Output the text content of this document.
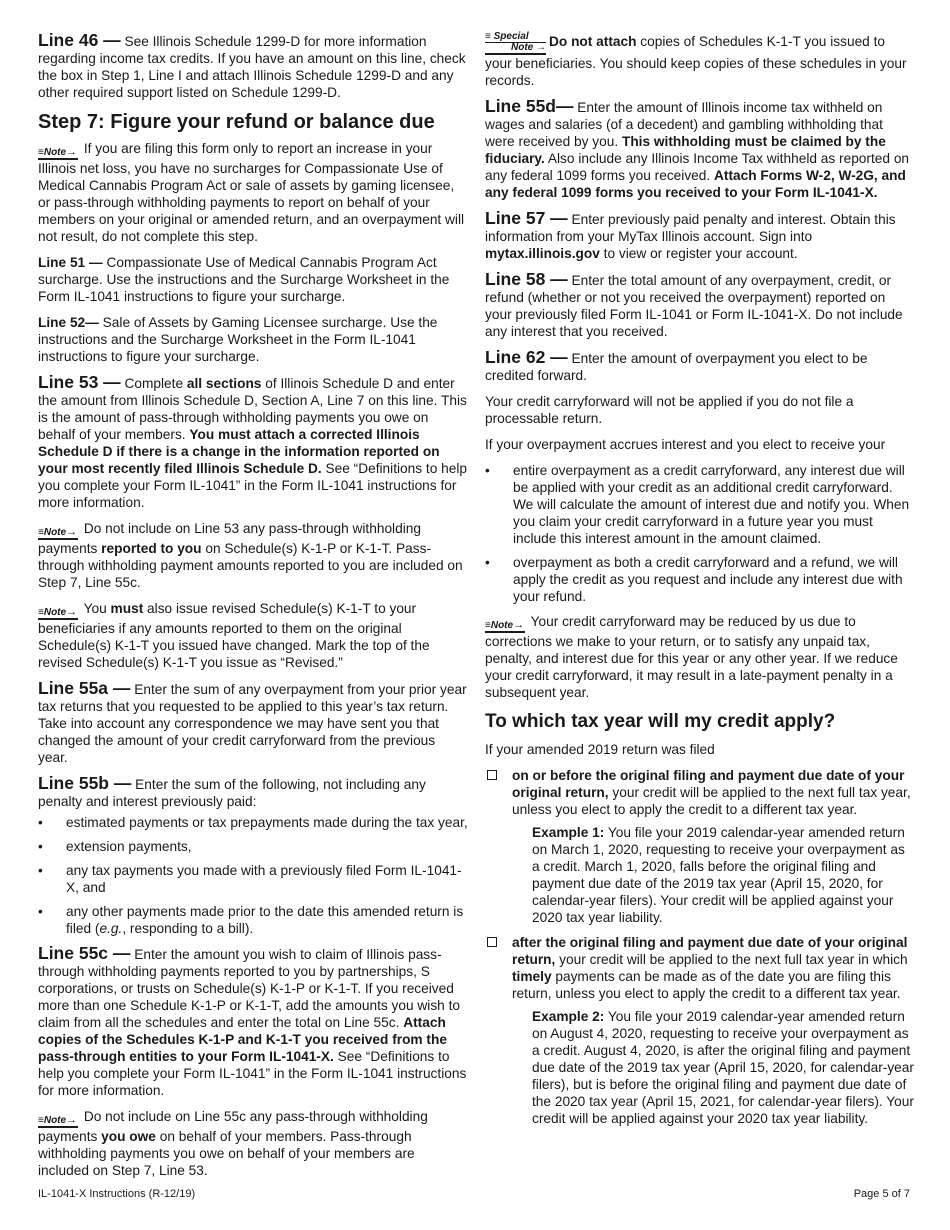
Line 46 — See Illinois Schedule 1299-D for more information regarding income tax credits. If you have an amount on this line, check the box in Step 1, Line I and attach Illinois Schedule 1299-D and any other required support listed on Schedule 1299-D.

Step 7: Figure your refund or balance due

≡Note→ If you are filing this form only to report an increase in your Illinois net loss, you have no surcharges for Compassionate Use of Medical Cannabis Program Act or sale of assets by gaming licensee, or pass-through withholding payments to report on behalf of your members on your original or amended return, and an overpayment will not result, do not complete this step.

Line 51 — Compassionate Use of Medical Cannabis Program Act surcharge. Use the instructions and the Surcharge Worksheet in the Form IL-1041 instructions to figure your surcharge.

Line 52— Sale of Assets by Gaming Licensee surcharge. Use the instructions and the Surcharge Worksheet in the Form IL-1041 instructions to figure your surcharge.

Line 53 — Complete all sections of Illinois Schedule D and enter the amount from Illinois Schedule D, Section A, Line 7 on this line. This is the amount of pass-through withholding payments you owe on behalf of your members. You must attach a corrected Illinois Schedule D if there is a change in the information reported on your most recently filed Illinois Schedule D. See “Definitions to help you complete your Form IL-1041” in the Form IL-1041 instructions for more information.

≡Note→ Do not include on Line 53 any pass-through withholding payments reported to you on Schedule(s) K-1-P or K-1-T. Pass-through withholding payment amounts reported to you are included on Step 7, Line 55c.

≡Note→ You must also issue revised Schedule(s) K-1-T to your beneficiaries if any amounts reported to them on the original Schedule(s) K-1-T you issued have changed. Mark the top of the revised Schedule(s) K-1-T you issue as “Revised.”

Line 55a — Enter the sum of any overpayment from your prior year tax returns that you requested to be applied to this year’s tax return. Take into account any correspondence we may have sent you that changed the amount of your credit carryforward from the previous year.

Line 55b — Enter the sum of the following, not including any penalty and interest previously paid:

• estimated payments or tax prepayments made during the tax year,
• extension payments,
• any tax payments you made with a previously filed Form IL-1041-X, and
• any other payments made prior to the date this amended return is filed (e.g., responding to a bill).

Line 55c — Enter the amount you wish to claim of Illinois pass-through withholding payments reported to you by partnerships, S corporations, or trusts on Schedule(s) K-1-P or K-1-T. If you received more than one Schedule K-1-P or K-1-T, add the amounts you wish to claim from all the schedules and enter the total on Line 55c. Attach copies of the Schedules K-1-P and K-1-T you received from the pass-through entities to your Form IL-1041-X. See “Definitions to help you complete your Form IL-1041” in the Form IL-1041 instructions for more information.

≡Note→ Do not include on Line 55c any pass-through withholding payments you owe on behalf of your members. Pass-through withholding payments you owe on behalf of your members are included on Step 7, Line 53.

≡ Special
Note → Do not attach copies of Schedules K-1-T you issued to your beneficiaries. You should keep copies of these schedules in your records.

Line 55d— Enter the amount of Illinois income tax withheld on wages and salaries (of a decedent) and gambling withholding that were received by you. This withholding must be claimed by the fiduciary. Also include any Illinois Income Tax withheld as reported on any federal 1099 forms you received. Attach Forms W-2, W-2G, and any federal 1099 forms you received to your Form IL-1041-X.

Line 57 — Enter previously paid penalty and interest. Obtain this information from your MyTax Illinois account. Sign into mytax.illinois.gov to view or register your account.

Line 58 — Enter the total amount of any overpayment, credit, or refund (whether or not you received the overpayment) reported on your previously filed Form IL-1041 or Form IL-1041-X. Do not include any interest that you received.

Line 62 — Enter the amount of overpayment you elect to be credited forward.

Your credit carryforward will not be applied if you do not file a processable return.

If your overpayment accrues interest and you elect to receive your

• entire overpayment as a credit carryforward, any interest due will be applied with your credit as an additional credit carryforward. We will calculate the amount of interest due and notify you. When you claim your credit carryforward in a future year you must include this interest amount in the amount claimed.
• overpayment as both a credit carryforward and a refund, we will apply the credit as you request and include any interest due with your refund.

≡Note→ Your credit carryforward may be reduced by us due to corrections we make to your return, or to satisfy any unpaid tax, penalty, and interest due for this year or any other year. If we reduce your credit carryforward, it may result in a late-payment penalty in a subsequent year.

To which tax year will my credit apply?

If your amended 2019 return was filed

on or before the original filing and payment due date of your original return, your credit will be applied to the next full tax year, unless you elect to apply the credit to a different tax year.
Example 1: You file your 2019 calendar-year amended return on March 1, 2020, requesting to receive your overpayment as a credit. March 1, 2020, falls before the original filing and payment due date of the 2019 tax year (April 15, 2020, for calendar-year filers). Your credit will be applied against your 2020 tax year liability.
after the original filing and payment due date of your original return, your credit will be applied to the next full tax year in which timely payments can be made as of the date you are filing this return, unless you elect to apply the credit to a different tax year.
Example 2: You file your 2019 calendar-year amended return on August 4, 2020, requesting to receive your overpayment as a credit. August 4, 2020, is after the original filing and payment due date of the 2019 tax year (April 15, 2020, for calendar-year filers), but is before the original filing and payment due date of the 2020 tax year (April 15, 2021, for calendar-year filers). Your credit will be applied against your 2020 tax year liability.
IL-1041-X Instructions (R-12/19)	Page 5 of 7
